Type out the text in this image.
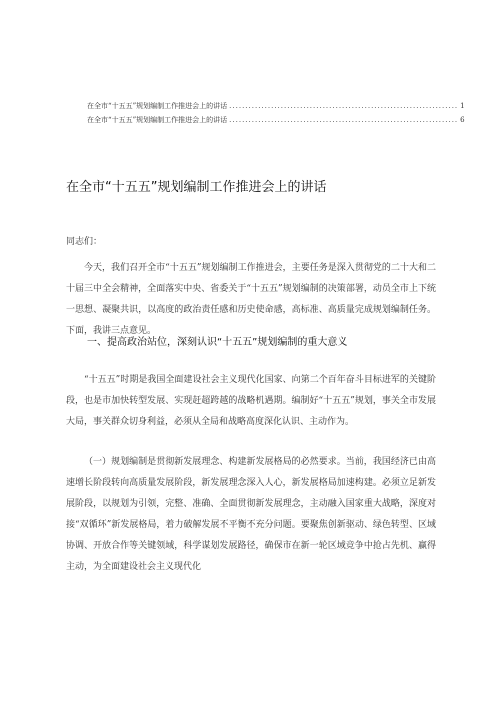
在全市“十五五”规划编制工作推进会上的讲话 ....................................................................... 1
在全市“十五五”规划编制工作推进会上的讲话 ....................................................................... 6
在全市“十五五”规划编制工作推进会上的讲话
同志们：

今天，我们召开全市“十五五”规划编制工作推进会，主要任务是深入贯彻党的二十大和二十届三中全会精神，全面落实中央、省委关于“十五五”规划编制的决策部署，动员全市上下统一思想、凝聚共识，以高度的政治责任感和历史使命感，高标准、高质量完成规划编制任务。下面，我讲三点意见。

一、提高政治站位，深刻认识“十五五”规划编制的重大意义

“十五五”时期是我国全面建设社会主义现代化国家、向第二个百年奋斗目标进军的关键阶段，也是市加快转型发展、实现赶超跨越的战略机遇期。编制好“十五五”规划，事关全市发展大局，事关群众切身利益，必须从全局和战略高度深化认识、主动作为。

（一）规划编制是贯彻新发展理念、构建新发展格局的必然要求。当前，我国经济已由高速增长阶段转向高质量发展阶段，新发展理念深入人心，新发展格局加速构建。必须立足新发展阶段，以规划为引领，完整、准确、全面贯彻新发展理念，主动融入国家重大战略，深度对接“双循环”新发展格局，着力破解发展不平衡不充分问题。要聚焦创新驱动、绿色转型、区域协调、开放合作等关键领域，科学谋划发展路径，确保市在新一轮区域竞争中抢占先机、赢得主动，为全面建设社会主义现代化
